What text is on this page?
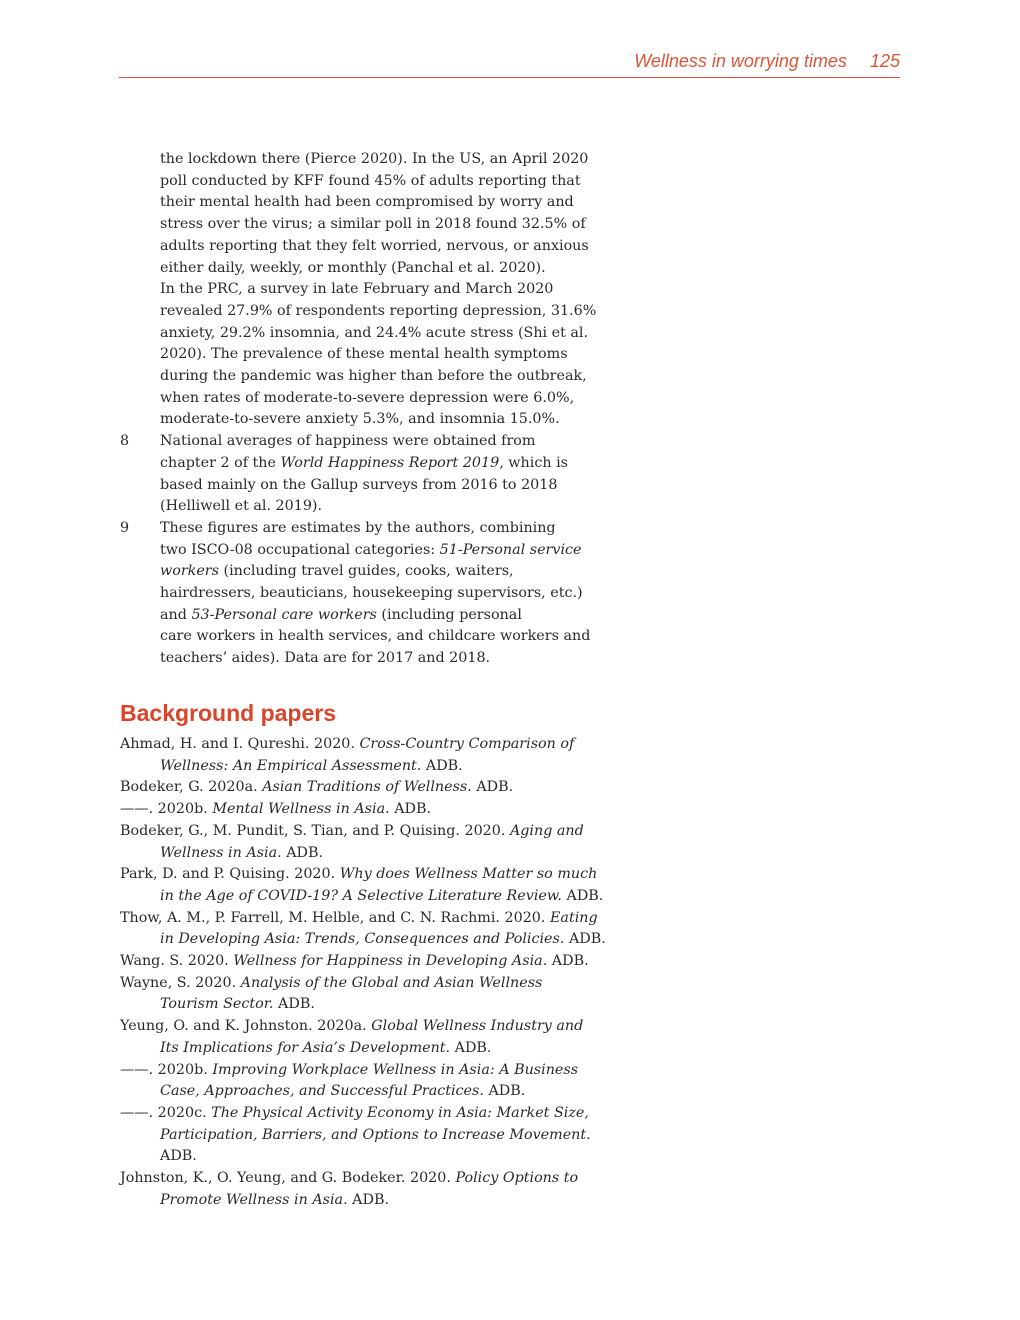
Wellness in worrying times 125
the lockdown there (Pierce 2020). In the US, an April 2020
poll conducted by KFF found 45% of adults reporting that
their mental health had been compromised by worry and
stress over the virus; a similar poll in 2018 found 32.5% of
adults reporting that they felt worried, nervous, or anxious
either daily, weekly, or monthly (Panchal et al. 2020).
In the PRC, a survey in late February and March 2020
revealed 27.9% of respondents reporting depression, 31.6%
anxiety, 29.2% insomnia, and 24.4% acute stress (Shi et al.
2020). The prevalence of these mental health symptoms
during the pandemic was higher than before the outbreak,
when rates of moderate-to-severe depression were 6.0%,
moderate-to-severe anxiety 5.3%, and insomnia 15.0%.
8	National averages of happiness were obtained from
chapter 2 of the World Happiness Report 2019, which is
based mainly on the Gallup surveys from 2016 to 2018
(Helliwell et al. 2019).
9	These figures are estimates by the authors, combining
two ISCO-08 occupational categories: 51-Personal service
workers (including travel guides, cooks, waiters,
hairdressers, beauticians, housekeeping supervisors, etc.)
and 53-Personal care workers (including personal
care workers in health services, and childcare workers and
teachers’ aides). Data are for 2017 and 2018.
Background papers
Ahmad, H. and I. Qureshi. 2020. Cross-Country Comparison of
Wellness: An Empirical Assessment. ADB.
Bodeker, G. 2020a. Asian Traditions of Wellness. ADB.
——. 2020b. Mental Wellness in Asia. ADB.
Bodeker, G., M. Pundit, S. Tian, and P. Quising. 2020. Aging and
Wellness in Asia. ADB.
Park, D. and P. Quising. 2020. Why does Wellness Matter so much
in the Age of COVID-19? A Selective Literature Review. ADB.
Thow, A. M., P. Farrell, M. Helble, and C. N. Rachmi. 2020. Eating
in Developing Asia: Trends, Consequences and Policies. ADB.
Wang. S. 2020. Wellness for Happiness in Developing Asia. ADB.
Wayne, S. 2020. Analysis of the Global and Asian Wellness
Tourism Sector. ADB.
Yeung, O. and K. Johnston. 2020a. Global Wellness Industry and
Its Implications for Asia’s Development. ADB.
——. 2020b. Improving Workplace Wellness in Asia: A Business
Case, Approaches, and Successful Practices. ADB.
——. 2020c. The Physical Activity Economy in Asia: Market Size,
Participation, Barriers, and Options to Increase Movement.
ADB.
Johnston, K., O. Yeung, and G. Bodeker. 2020. Policy Options to
Promote Wellness in Asia. ADB.
